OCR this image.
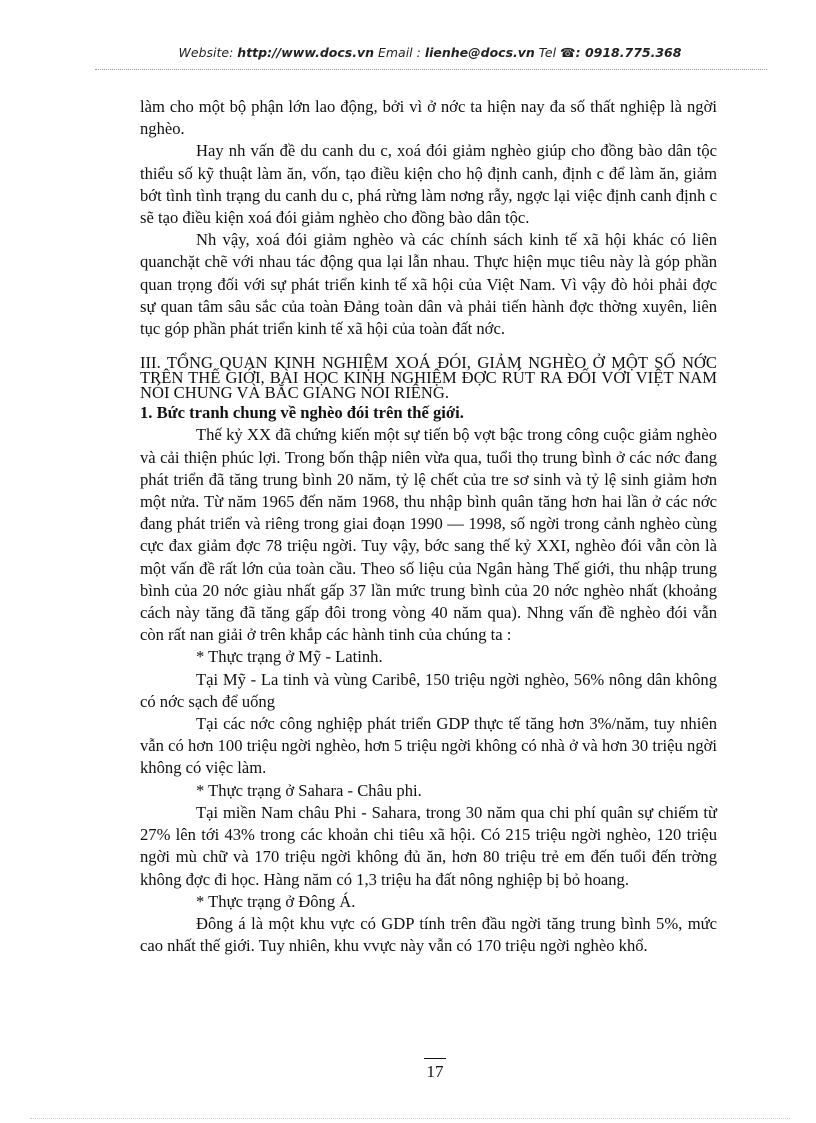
Website: http://www.docs.vn Email : lienhe@docs.vn Tel ☎: 0918.775.368

làm cho một bộ phận lớn lao động, bởi vì ở nớc ta hiện nay đa số thất nghiệp là ngời nghèo.

Hay nh vấn đề du canh du c, xoá đói giảm nghèo giúp cho đồng bào dân tộc thiểu số kỹ thuật làm ăn, vốn, tạo điều kiện cho hộ định canh, định c để làm ăn, giảm bớt tình tình trạng du canh du c, phá rừng làm nơng rẫy, ngợc lại việc định canh định c sẽ tạo điều kiện xoá đói giảm nghèo cho đồng bào dân tộc.

Nh vậy, xoá đói giảm nghèo và các chính sách kinh tế xã hội khác có liên quanchặt chẽ với nhau tác động qua lại lẫn nhau. Thực hiện mục tiêu này là góp phần quan trọng đối với sự phát triển kinh tế xã hội của Việt Nam. Vì vậy đò hỏi phải đợc sự quan tâm sâu sắc của toàn Đảng toàn dân và phải tiến hành đợc thờng xuyên, liên tục góp phần phát triển kinh tế xã hội của toàn đất nớc.

III. TỔNG QUAN KINH NGHIỆM XOÁ ĐÓI, GIẢM NGHÈO Ở MỘT SỐ NỚC TRÊN THẾ GIỚI, BÀI HỌC KINH NGHIỆM ĐỢC RÚT RA ĐỐI VỚI VIỆT NAM NÓI CHUNG VÀ BẮC GIANG NÓI RIÊNG.

1. Bức tranh chung về nghèo đói trên thế giới.

Thế kỷ XX đã chứng kiến một sự tiến bộ vợt bậc trong công cuộc giảm nghèo và cải thiện phúc lợi. Trong bốn thập niên vừa qua, tuổi thọ trung bình ở các nớc đang phát triển đã tăng trung bình 20 năm, tỷ lệ chết của tre sơ sinh và tỷ lệ sinh giảm hơn một nửa. Từ năm 1965 đến năm 1968, thu nhập bình quân tăng hơn hai lần ở các nớc đang phát triển và riêng trong giai đoạn 1990 — 1998, số ngời trong cảnh nghèo cùng cực đax giảm đợc 78 triệu ngời. Tuy vậy, bớc sang thế kỷ XXI, nghèo đói vẫn còn là một vấn đề rất lớn của toàn cầu. Theo số liệu của Ngân hàng Thế giới, thu nhập trung bình của 20 nớc giàu nhất gấp 37 lần mức trung bình của 20 nớc nghèo nhất (khoảng cách này tăng đã tăng gấp đôi trong vòng 40 năm qua). Nhng vấn đề nghèo đói vẫn còn rất nan giải ở trên khắp các hành tinh của chúng ta :

* Thực trạng ở Mỹ - Latinh.

Tại Mỹ - La tinh và vùng Caribê, 150 triệu ngời nghèo, 56% nông dân không có nớc sạch để uống

Tại các nớc công nghiệp phát triển GDP thực tế tăng hơn 3%/năm, tuy nhiên vẫn có hơn 100 triệu ngời nghèo, hơn 5 triệu ngời không có nhà ở và hơn 30 triệu ngời không có việc làm.

* Thực trạng ở Sahara - Châu phi.

Tại miền Nam châu Phi - Sahara, trong 30 năm qua chi phí quân sự chiếm từ 27% lên tới 43% trong các khoản chi tiêu xã hội. Có 215 triệu ngời nghèo, 120 triệu ngời mù chữ và 170 triệu ngời không đủ ăn, hơn 80 triệu trẻ em đến tuổi đến trờng không đợc đi học. Hàng năm có 1,3 triệu ha đất nông nghiệp bị bỏ hoang.

* Thực trạng ở Đông Á.

Đông á là một khu vực có GDP tính trên đầu ngời tăng trung bình 5%, mức cao nhất thế giới. Tuy nhiên, khu vvực này vẫn có 170 triệu ngời nghèo khổ.

17
